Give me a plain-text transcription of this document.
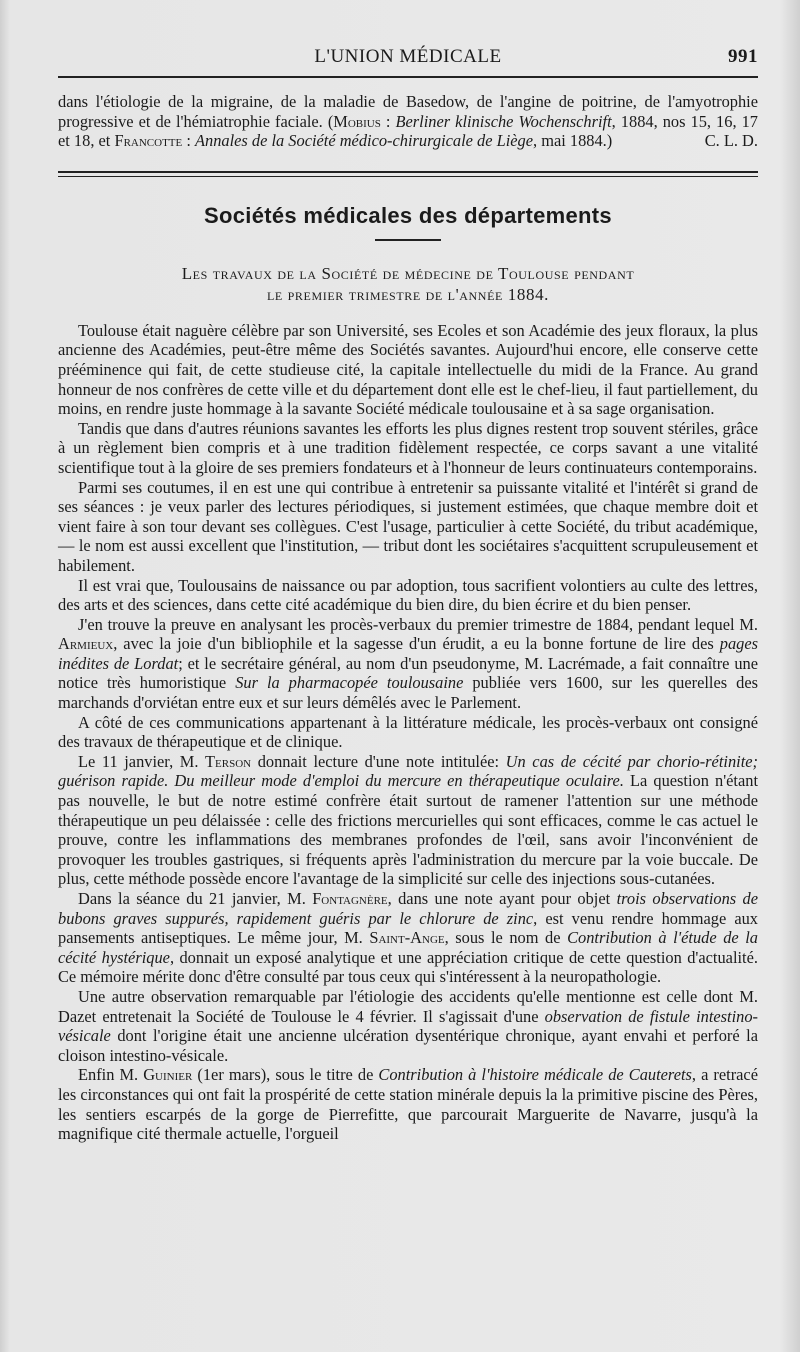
L'UNION MÉDICALE	991

dans l'étiologie de la migraine, de la maladie de Basedow, de l'angine de poitrine, de l'amyotrophie progressive et de l'hémiatrophie faciale. (Mobius : Berliner klinische Wochenschrift, 1884, nos 15, 16, 17 et 18, et Francotte : Annales de la Société médico-chirurgicale de Liège, mai 1884.)	C. L. D.
Sociétés médicales des départements
Les travaux de la Société de médecine de Toulouse pendant
le premier trimestre de l'année 1884.

Toulouse était naguère célèbre par son Université, ses Ecoles et son Académie des jeux floraux, la plus ancienne des Académies, peut-être même des Sociétés savantes. Aujourd'hui encore, elle conserve cette prééminence qui fait, de cette studieuse cité, la capitale intellectuelle du midi de la France. Au grand honneur de nos confrères de cette ville et du département dont elle est le chef-lieu, il faut partiellement, du moins, en rendre juste hommage à la savante Société médicale toulousaine et à sa sage organisation.

Tandis que dans d'autres réunions savantes les efforts les plus dignes restent trop souvent stériles, grâce à un règlement bien compris et à une tradition fidèlement respectée, ce corps savant a une vitalité scientifique tout à la gloire de ses premiers fondateurs et à l'honneur de leurs continuateurs contemporains.

Parmi ses coutumes, il en est une qui contribue à entretenir sa puissante vitalité et l'intérêt si grand de ses séances : je veux parler des lectures périodiques, si justement estimées, que chaque membre doit et vient faire à son tour devant ses collègues. C'est l'usage, particulier à cette Société, du tribut académique, — le nom est aussi excellent que l'institution, — tribut dont les sociétaires s'acquittent scrupuleusement et habilement.

Il est vrai que, Toulousains de naissance ou par adoption, tous sacrifient volontiers au culte des lettres, des arts et des sciences, dans cette cité académique du bien dire, du bien écrire et du bien penser.

J'en trouve la preuve en analysant les procès-verbaux du premier trimestre de 1884, pendant lequel M. Armieux, avec la joie d'un bibliophile et la sagesse d'un érudit, a eu la bonne fortune de lire des pages inédites de Lordat; et le secrétaire général, au nom d'un pseudonyme, M. Lacrémade, a fait connaître une notice très humoristique Sur la pharmacopée toulousaine publiée vers 1600, sur les querelles des marchands d'orviétan entre eux et sur leurs démêlés avec le Parlement.

A côté de ces communications appartenant à la littérature médicale, les procès-verbaux ont consigné des travaux de thérapeutique et de clinique.

Le 11 janvier, M. Terson donnait lecture d'une note intitulée: Un cas de cécité par chorio-rétinite; guérison rapide. Du meilleur mode d'emploi du mercure en thérapeutique oculaire. La question n'étant pas nouvelle, le but de notre estimé confrère était surtout de ramener l'attention sur une méthode thérapeutique un peu délaissée : celle des frictions mercurielles qui sont efficaces, comme le cas actuel le prouve, contre les inflammations des membranes profondes de l'œil, sans avoir l'inconvénient de provoquer les troubles gastriques, si fréquents après l'administration du mercure par la voie buccale. De plus, cette méthode possède encore l'avantage de la simplicité sur celle des injections sous-cutanées.

Dans la séance du 21 janvier, M. Fontagnère, dans une note ayant pour objet trois observations de bubons graves suppurés, rapidement guéris par le chlorure de zinc, est venu rendre hommage aux pansements antiseptiques. Le même jour, M. Saint-Ange, sous le nom de Contribution à l'étude de la cécité hystérique, donnait un exposé analytique et une appréciation critique de cette question d'actualité. Ce mémoire mérite donc d'être consulté par tous ceux qui s'intéressent à la neuropathologie.

Une autre observation remarquable par l'étiologie des accidents qu'elle mentionne est celle dont M. Dazet entretenait la Société de Toulouse le 4 février. Il s'agissait d'une observation de fistule intestino-vésicale dont l'origine était une ancienne ulcération dysentérique chronique, ayant envahi et perforé la cloison intestino-vésicale.

Enfin M. Guinier (1er mars), sous le titre de Contribution à l'histoire médicale de Cauterets, a retracé les circonstances qui ont fait la prospérité de cette station minérale depuis la la primitive piscine des Pères, les sentiers escarpés de la gorge de Pierrefitte, que parcourait Marguerite de Navarre, jusqu'à la magnifique cité thermale actuelle, l'orgueil
